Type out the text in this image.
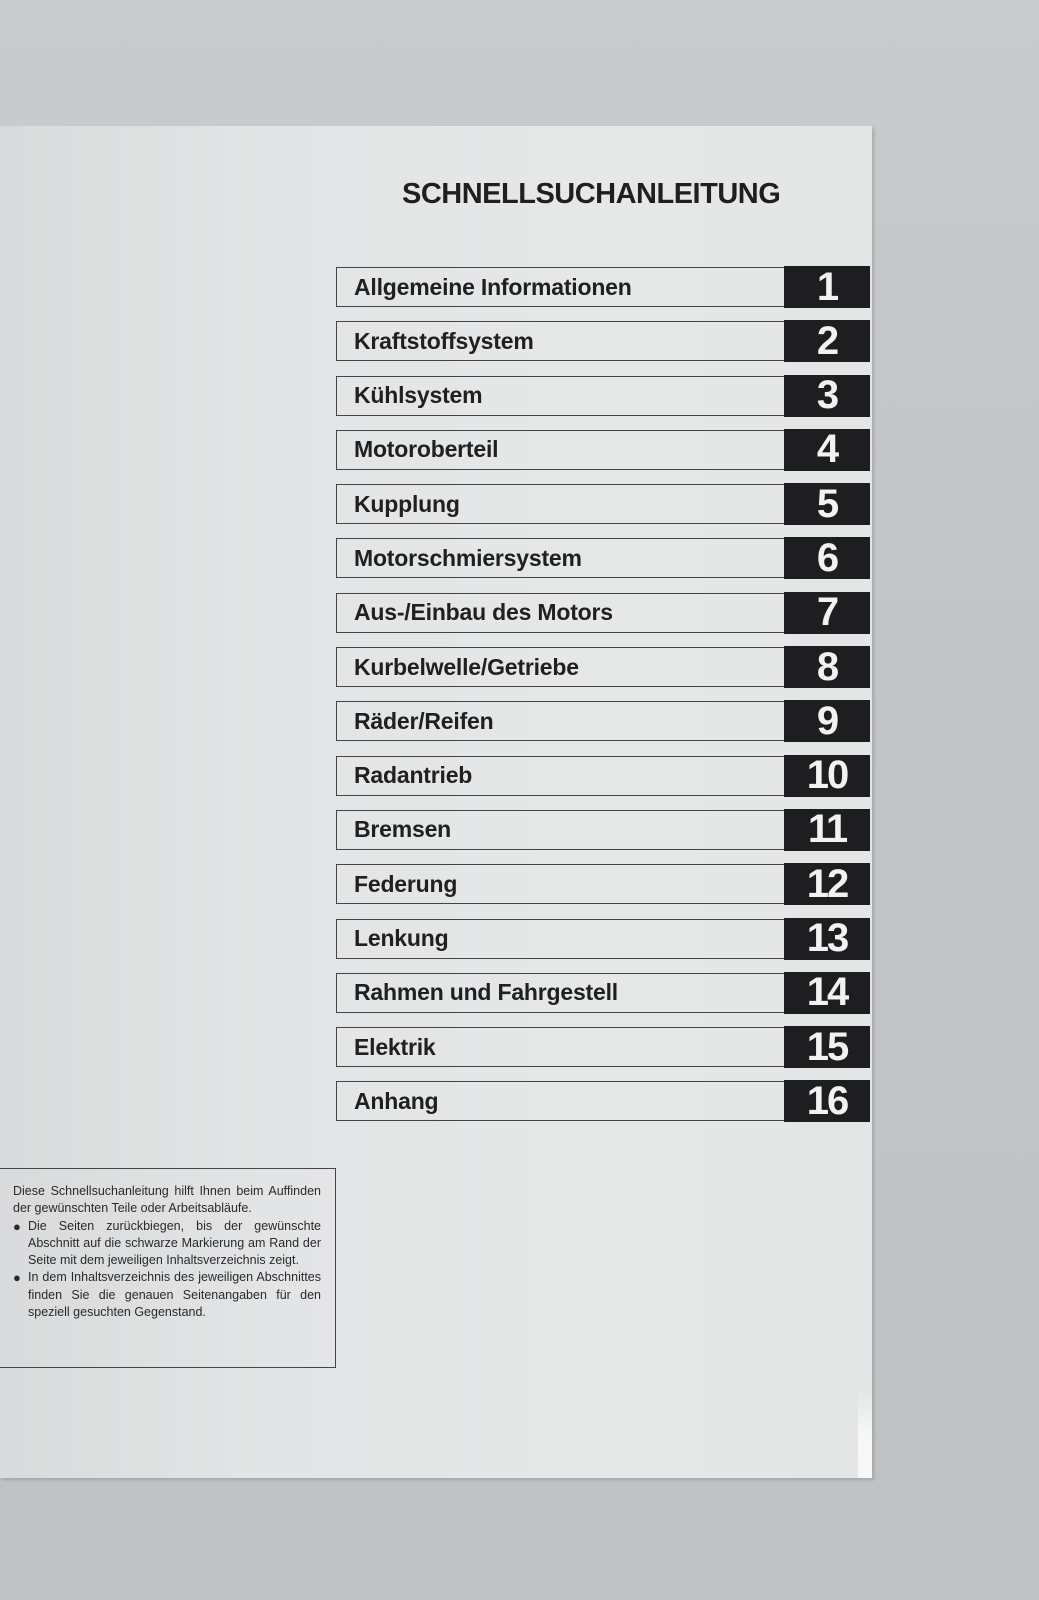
SCHNELLSUCHANLEITUNG
Allgemeine Informationen	1
Kraftstoffsystem	2
Kühlsystem	3
Motoroberteil	4
Kupplung	5
Motorschmiersystem	6
Aus-/Einbau des Motors	7
Kurbelwelle/Getriebe	8
Räder/Reifen	9
Radantrieb	10
Bremsen	11
Federung	12
Lenkung	13
Rahmen und Fahrgestell	14
Elektrik	15
Anhang	16

Diese Schnellsuchanleitung hilft Ihnen beim Auffinden der gewünschten Teile oder Arbeitsabläufe.

● Die Seiten zurückbiegen, bis der gewünschte Abschnitt auf die schwarze Markierung am Rand der Seite mit dem jeweiligen Inhaltsverzeichnis zeigt.

● In dem Inhaltsverzeichnis des jeweiligen Abschnittes finden Sie die genauen Seitenangaben für den speziell gesuchten Gegenstand.
